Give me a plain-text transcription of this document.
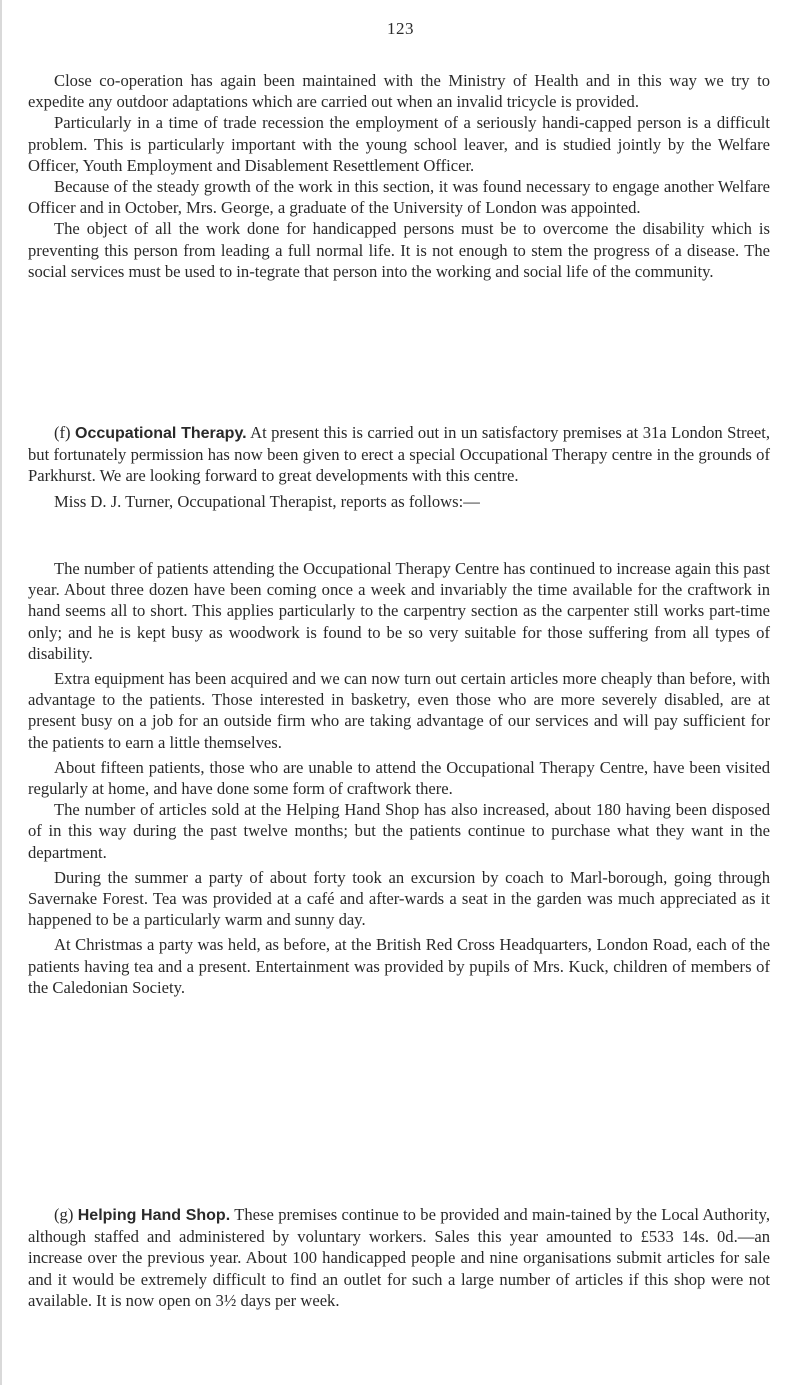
123

Close co-operation has again been maintained with the Ministry of Health and in this way we try to expedite any outdoor adaptations which are carried out when an invalid tricycle is provided.

Particularly in a time of trade recession the employment of a seriously handi-capped person is a difficult problem. This is particularly important with the young school leaver, and is studied jointly by the Welfare Officer, Youth Employment and Disablement Resettlement Officer.

Because of the steady growth of the work in this section, it was found necessary to engage another Welfare Officer and in October, Mrs. George, a graduate of the University of London was appointed.

The object of all the work done for handicapped persons must be to overcome the disability which is preventing this person from leading a full normal life. It is not enough to stem the progress of a disease. The social services must be used to in-tegrate that person into the working and social life of the community.

(f) Occupational Therapy. At present this is carried out in un satisfactory premises at 31a London Street, but fortunately permission has now been given to erect a special Occupational Therapy centre in the grounds of Parkhurst. We are looking forward to great developments with this centre.

Miss D. J. Turner, Occupational Therapist, reports as follows:—

The number of patients attending the Occupational Therapy Centre has continued to increase again this past year. About three dozen have been coming once a week and invariably the time available for the craftwork in hand seems all to short. This applies particularly to the carpentry section as the carpenter still works part-time only; and he is kept busy as woodwork is found to be so very suitable for those suffering from all types of disability.

Extra equipment has been acquired and we can now turn out certain articles more cheaply than before, with advantage to the patients. Those interested in basketry, even those who are more severely disabled, are at present busy on a job for an outside firm who are taking advantage of our services and will pay sufficient for the patients to earn a little themselves.

About fifteen patients, those who are unable to attend the Occupational Therapy Centre, have been visited regularly at home, and have done some form of craftwork there.

The number of articles sold at the Helping Hand Shop has also increased, about 180 having been disposed of in this way during the past twelve months; but the patients continue to purchase what they want in the department.

During the summer a party of about forty took an excursion by coach to Marl-borough, going through Savernake Forest. Tea was provided at a café and after-wards a seat in the garden was much appreciated as it happened to be a particularly warm and sunny day.

At Christmas a party was held, as before, at the British Red Cross Headquarters, London Road, each of the patients having tea and a present. Entertainment was provided by pupils of Mrs. Kuck, children of members of the Caledonian Society.

(g) Helping Hand Shop. These premises continue to be provided and main-tained by the Local Authority, although staffed and administered by voluntary workers. Sales this year amounted to £533 14s. 0d.—an increase over the previous year. About 100 handicapped people and nine organisations submit articles for sale and it would be extremely difficult to find an outlet for such a large number of articles if this shop were not available. It is now open on 3½ days per week.
